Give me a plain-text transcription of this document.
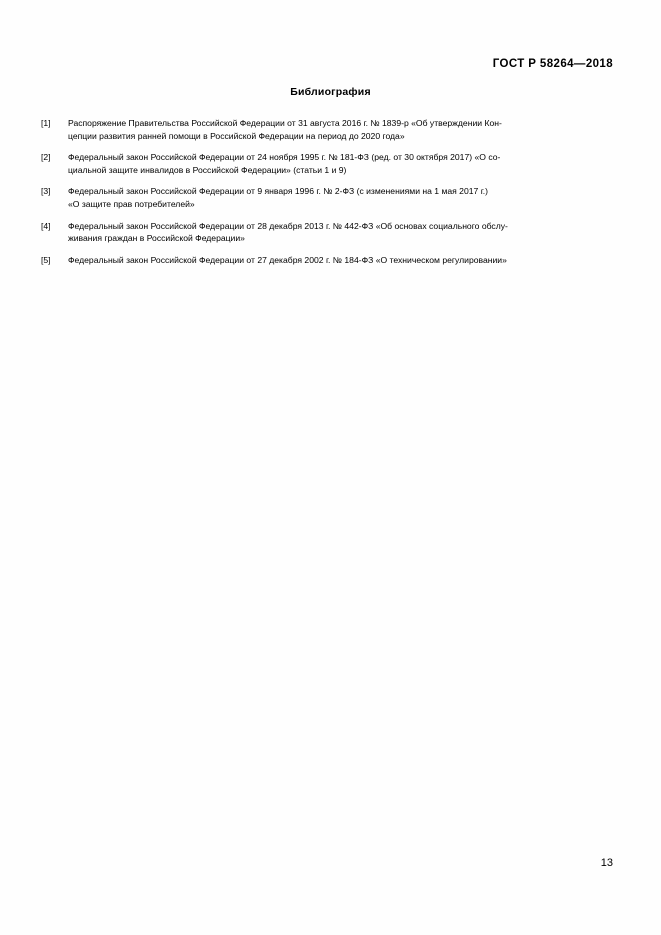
ГОСТ Р 58264—2018
Библиография
[1]	Распоряжение Правительства Российской Федерации от 31 августа 2016 г. № 1839-р «Об утверждении Кон-
цепции развития ранней помощи в Российской Федерации на период до 2020 года»
[2]	Федеральный закон Российской Федерации от 24 ноября 1995 г. № 181-ФЗ (ред. от 30 октября 2017) «О со-
циальной защите инвалидов в Российской Федерации» (статьи 1 и 9)
[3]	Федеральный закон Российской Федерации от 9 января 1996 г. № 2-ФЗ (с изменениями на 1 мая 2017 г.)
«О защите прав потребителей»
[4]	Федеральный закон Российской Федерации от 28 декабря 2013 г. № 442-ФЗ «Об основах социального обслу-
живания граждан в Российской Федерации»
[5]	Федеральный закон Российской Федерации от 27 декабря 2002 г. № 184-ФЗ «О техническом регулировании»
13
